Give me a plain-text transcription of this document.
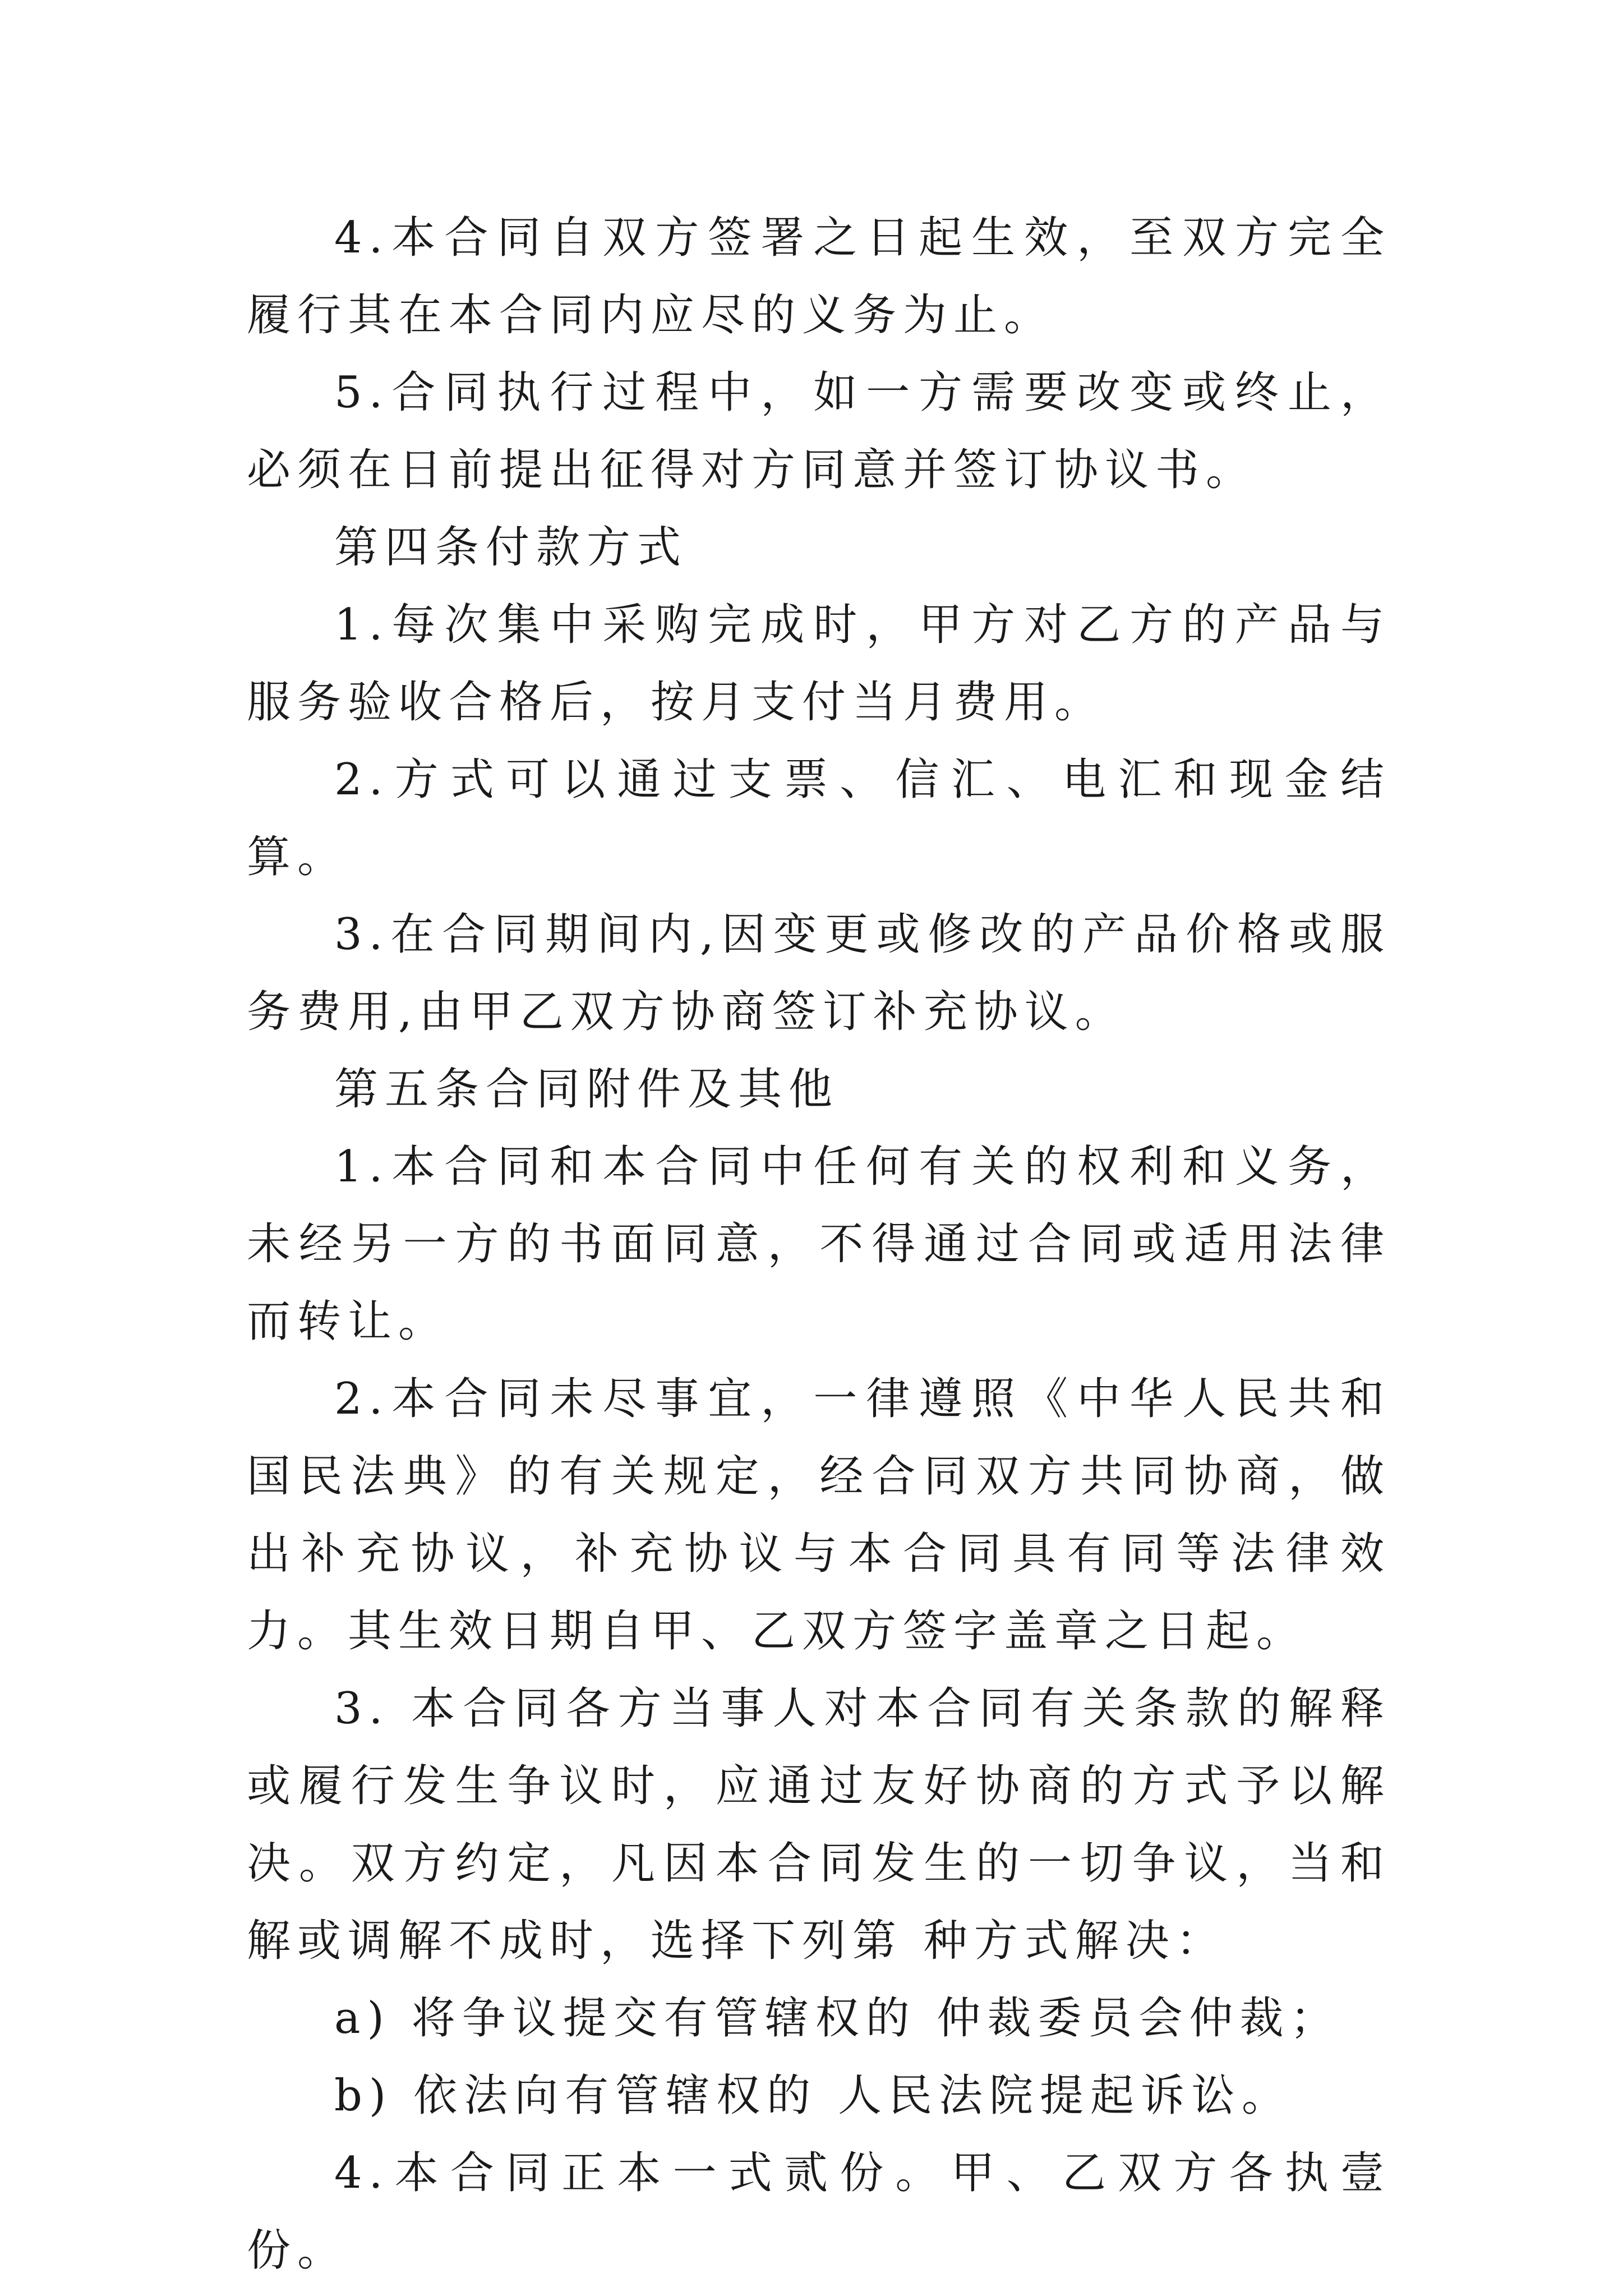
4.本合同自双方签署之日起生效，至双方完全履行其在本合同内应尽的义务为止。

5.合同执行过程中，如一方需要改变或终止，必须在日前提出征得对方同意并签订协议书。

第四条付款方式

1.每次集中采购完成时，甲方对乙方的产品与服务验收合格后，按月支付当月费用。

2.方式可以通过支票、信汇、电汇和现金结算。

3.在合同期间内,因变更或修改的产品价格或服务费用,由甲乙双方协商签订补充协议。

第五条合同附件及其他

1.本合同和本合同中任何有关的权利和义务，未经另一方的书面同意，不得通过合同或适用法律而转让。

2.本合同未尽事宜，一律遵照《中华人民共和国民法典》的有关规定，经合同双方共同协商，做出补充协议，补充协议与本合同具有同等法律效力。其生效日期自甲、乙双方签字盖章之日起。

3. 本合同各方当事人对本合同有关条款的解释或履行发生争议时，应通过友好协商的方式予以解决。双方约定，凡因本合同发生的一切争议，当和解或调解不成时，选择下列第 种方式解决：

a) 将争议提交有管辖权的 仲裁委员会仲裁；

b) 依法向有管辖权的 人民法院提起诉讼。

4.本合同正本一式贰份。甲、乙双方各执壹份。
